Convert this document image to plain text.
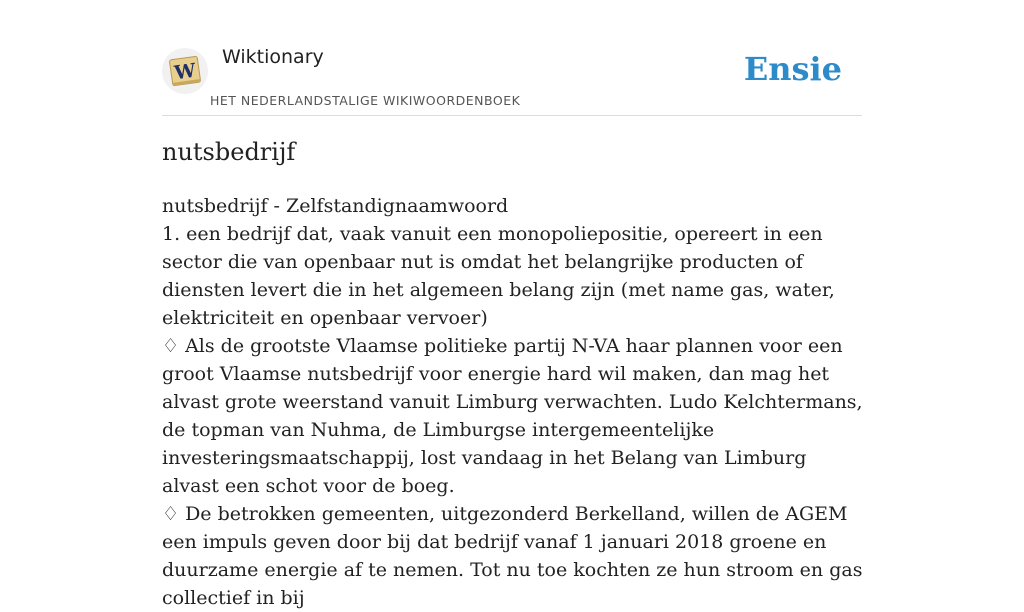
W
Wiktionary
HET NEDERLANDSTALIGE WIKIWOORDENBOEK
Ensie
nutsbedrijf

nutsbedrijf - Zelfstandignaamwoord

1. een bedrijf dat, vaak vanuit een monopoliepositie, opereert in een sector die van openbaar nut is omdat het belangrijke producten of diensten levert die in het algemeen belang zijn (met name gas, water, elektriciteit en openbaar vervoer)

♢ Als de grootste Vlaamse politieke partij N-VA haar plannen voor een groot Vlaamse nutsbedrijf voor energie hard wil maken, dan mag het alvast grote weerstand vanuit Limburg verwachten. Ludo Kelchtermans, de topman van Nuhma, de Limburgse intergemeentelijke investeringsmaatschappij, lost vandaag in het Belang van Limburg alvast een schot voor de boeg.

♢ De betrokken gemeenten, uitgezonderd Berkelland, willen de AGEM een impuls geven door bij dat bedrijf vanaf 1 januari 2018 groene en duurzame energie af te nemen. Tot nu toe kochten ze hun stroom en gas collectief in bij
